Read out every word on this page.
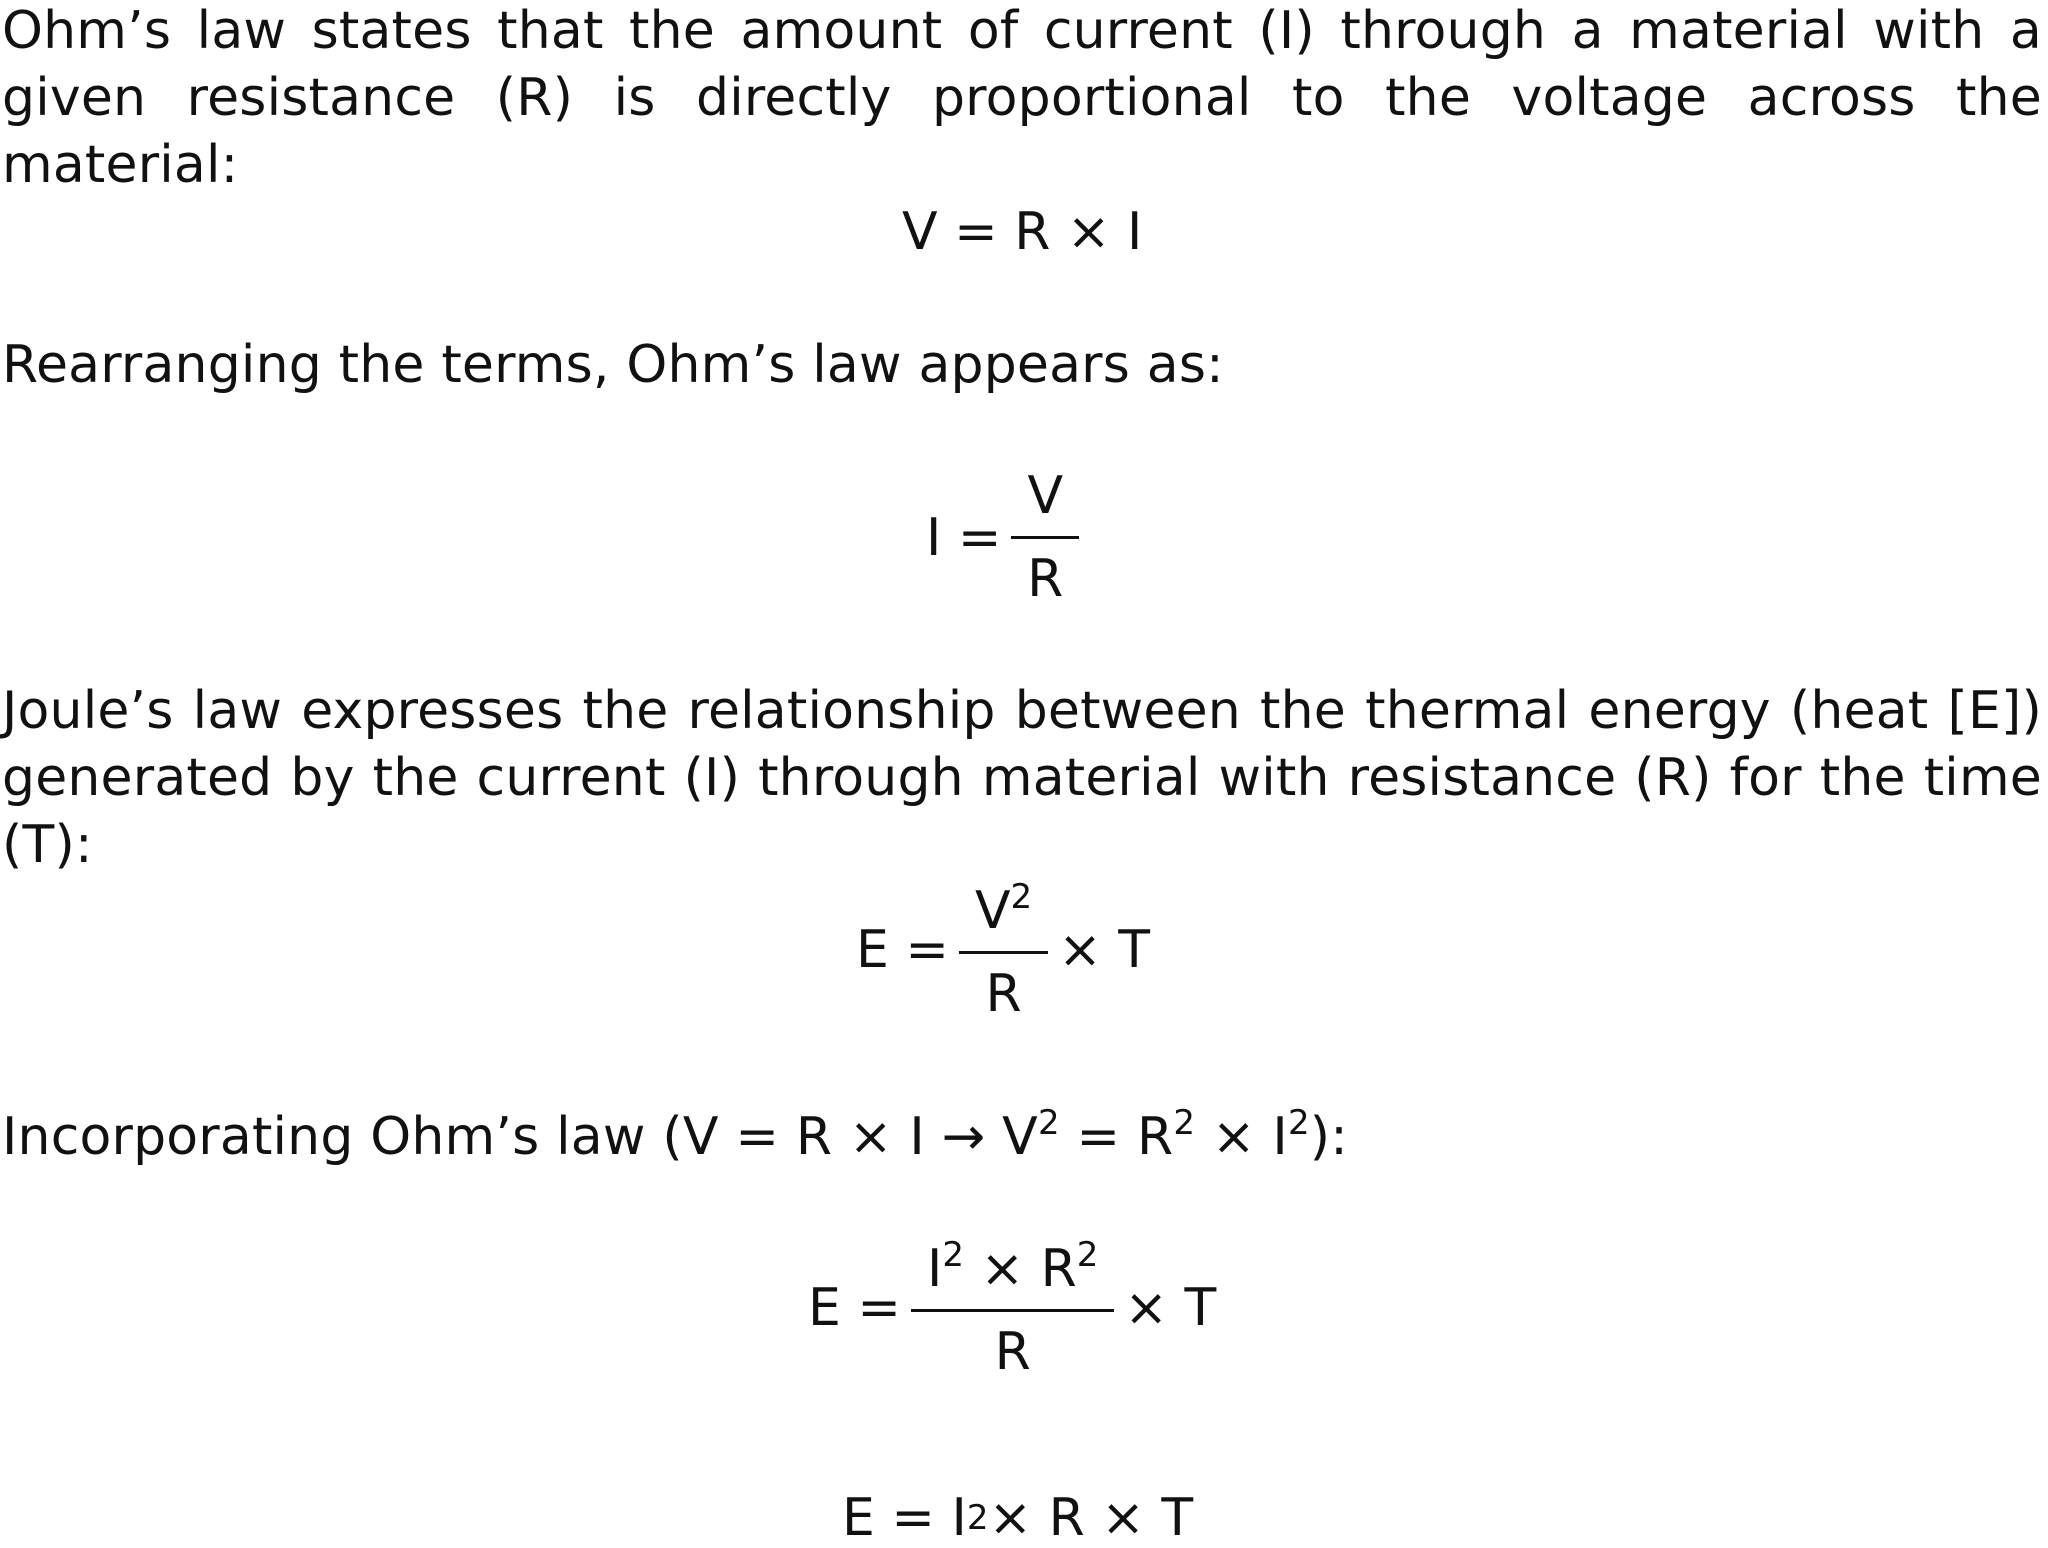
Ohm’s law states that the amount of current (I) through a material with a given resistance (R) is directly proportional to the voltage across the material:

V = R × I

Rearranging the terms, Ohm’s law appears as:

$I = \frac{V}{R}$

Joule’s law expresses the relationship between the thermal energy (heat [E]) generated by the current (I) through material with resistance (R) for the time (T):

$E = \frac{V^2}{R} \times T$

Incorporating Ohm’s law $(V = R \times I \to V^2 = R^2 \times I^2)$:

$E = \frac{I^2 \times R^2}{R} \times T$
E = I 2 × R × T
